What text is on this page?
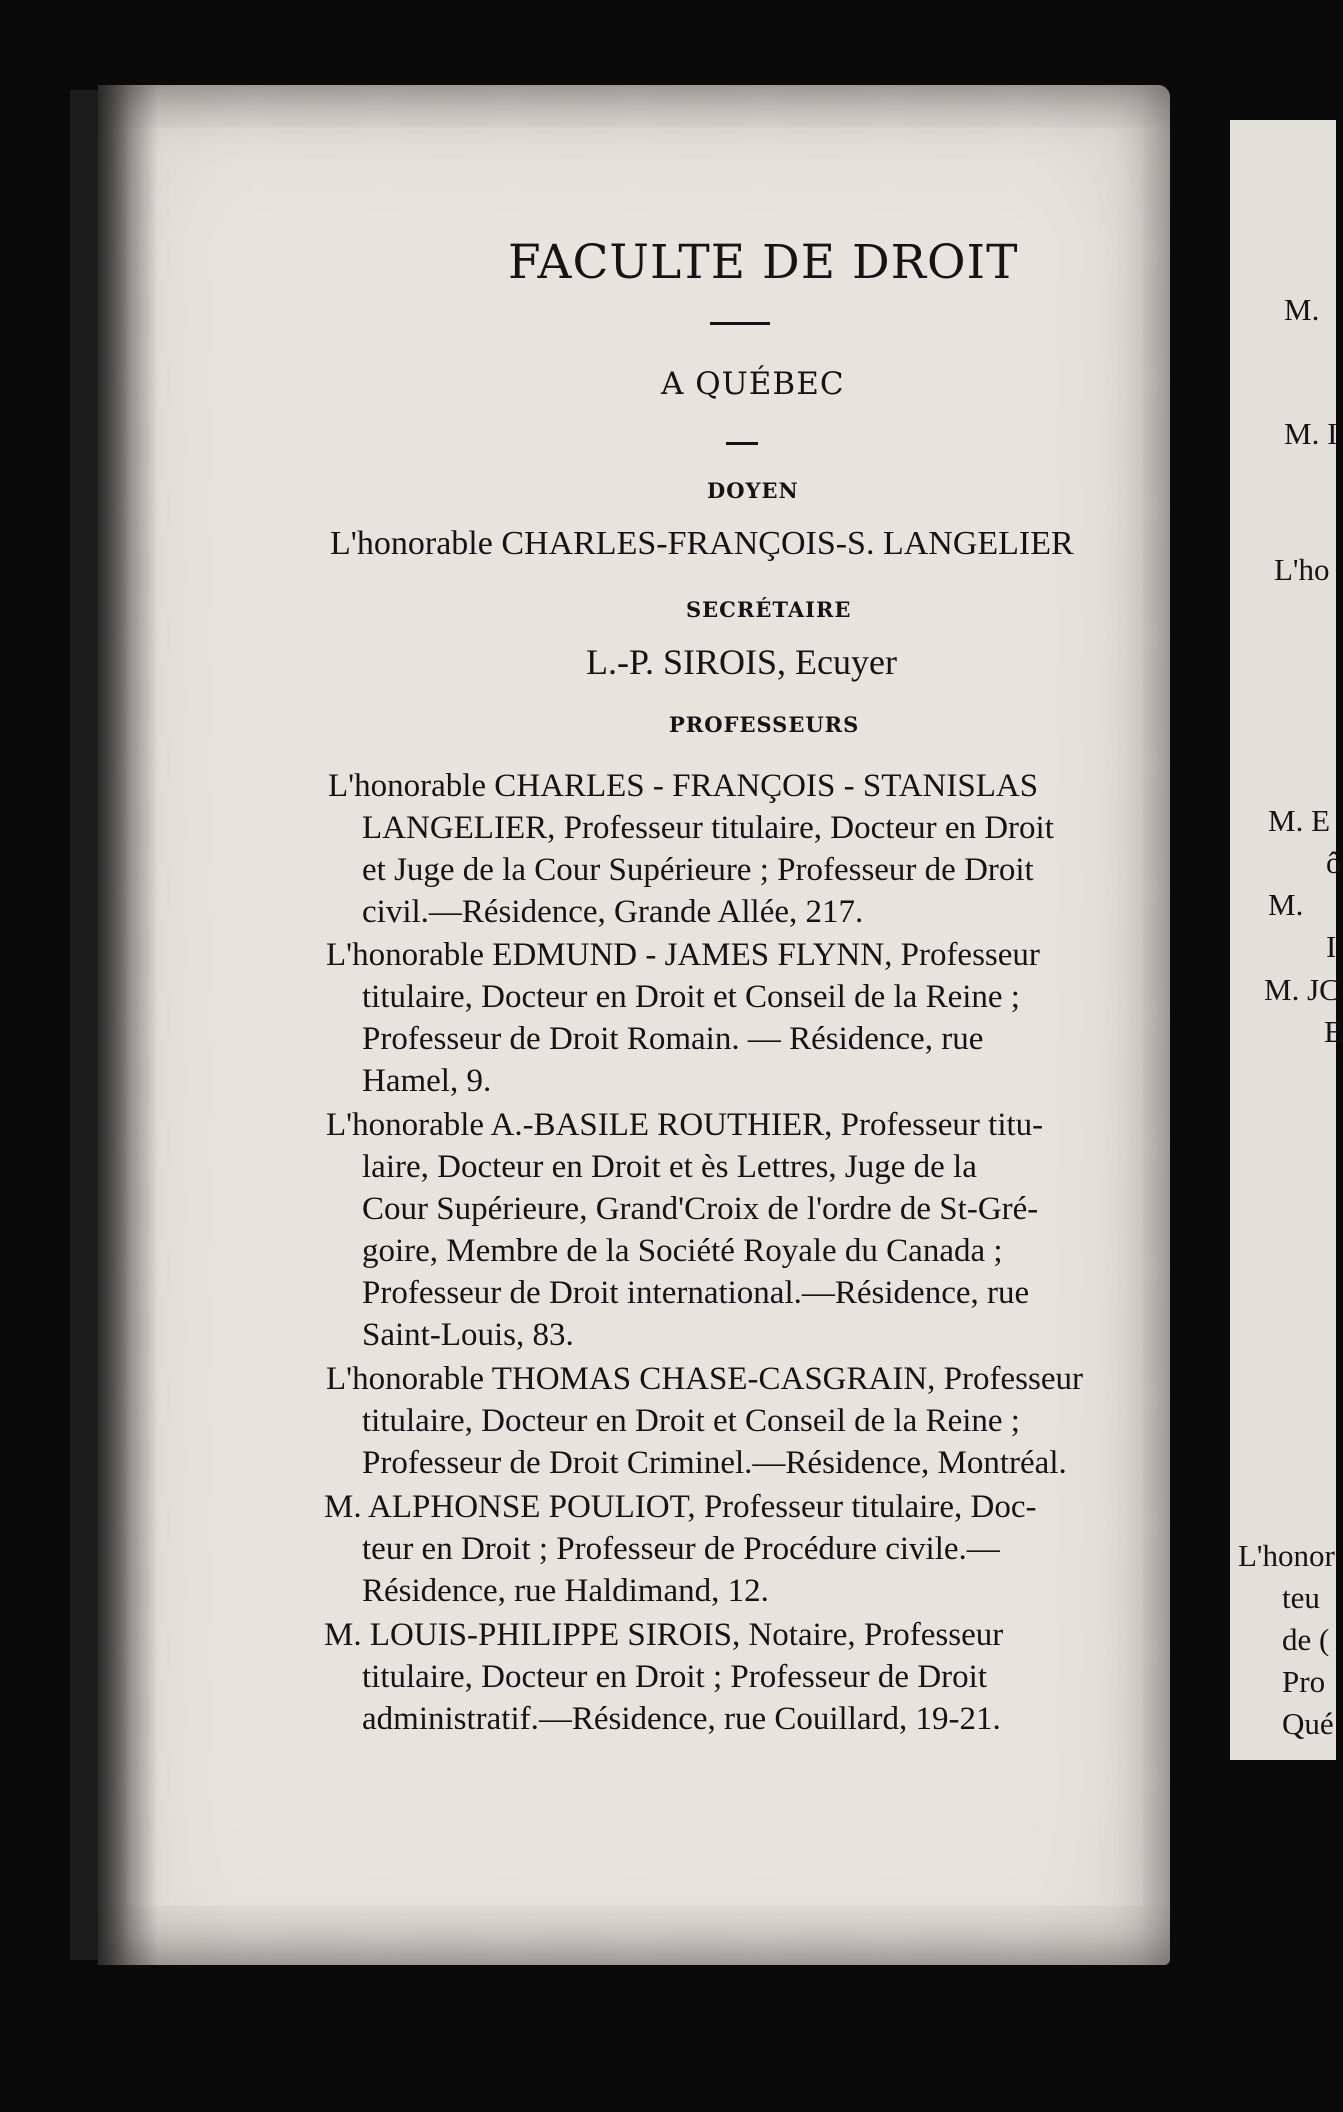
FACULTE DE DROIT
A QUÉBEC
DOYEN
L'honorable CHARLES-FRANÇOIS-S. LANGELIER
SECRÉTAIRE
L.-P. SIROIS, Ecuyer
PROFESSEURS
L'honorable CHARLES - FRANÇOIS - STANISLAS
LANGELIER, Professeur titulaire, Docteur en Droit
et Juge de la Cour Supérieure ; Professeur de Droit
civil.—Résidence, Grande Allée, 217.
L'honorable EDMUND - JAMES FLYNN, Professeur
titulaire, Docteur en Droit et Conseil de la Reine ;
Professeur de Droit Romain. — Résidence, rue
Hamel, 9.
L'honorable A.-BASILE ROUTHIER, Professeur titu-
laire, Docteur en Droit et ès Lettres, Juge de la
Cour Supérieure, Grand'Croix de l'ordre de St-Gré-
goire, Membre de la Société Royale du Canada ;
Professeur de Droit international.—Résidence, rue
Saint-Louis, 83.
L'honorable THOMAS CHASE-CASGRAIN, Professeur
titulaire, Docteur en Droit et Conseil de la Reine ;
Professeur de Droit Criminel.—Résidence, Montréal.
M. ALPHONSE POULIOT, Professeur titulaire, Doc-
teur en Droit ; Professeur de Procédure civile.—
Résidence, rue Haldimand, 12.
M. LOUIS-PHILIPPE SIROIS, Notaire, Professeur
titulaire, Docteur en Droit ; Professeur de Droit
administratif.—Résidence, rue Couillard, 19-21.
M.
M. I
L'ho
M. E
ô
M.
I
M. JC
E
L'honor
teu
de (
Pro
Qué
